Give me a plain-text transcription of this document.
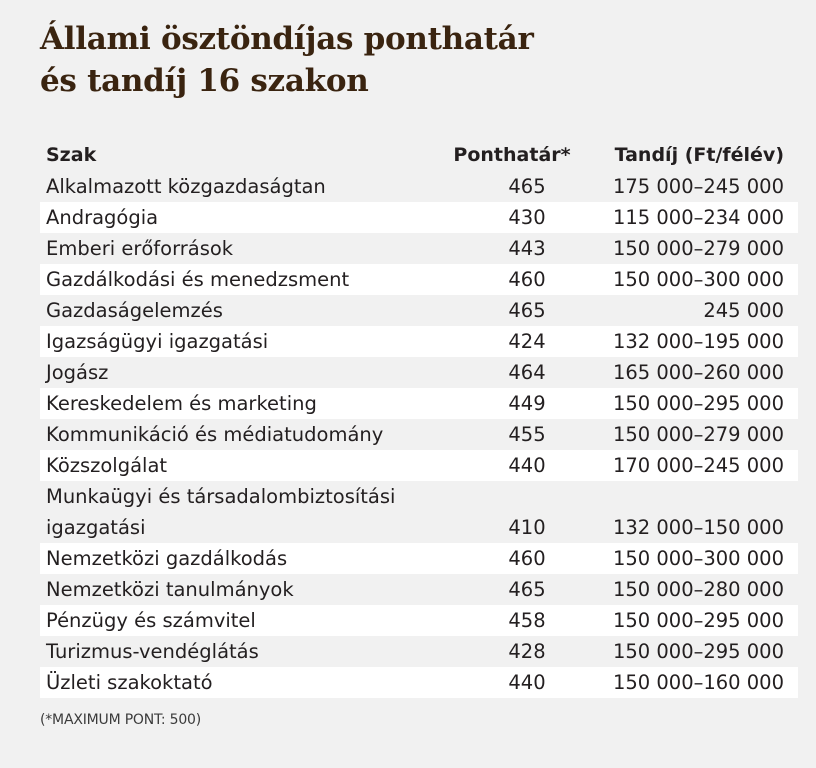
Állami ösztöndíjas ponthatár
és tandíj 16 szakon
Szak	Ponthatár*	Tandíj (Ft/félév)
Alkalmazott közgazdaságtan	465	175 000–245 000
Andragógia	430	115 000–234 000
Emberi erőforrások	443	150 000–279 000
Gazdálkodási és menedzsment	460	150 000–300 000
Gazdaságelemzés	465	245 000
Igazságügyi igazgatási	424	132 000–195 000
Jogász	464	165 000–260 000
Kereskedelem és marketing	449	150 000–295 000
Kommunikáció és médiatudomány	455	150 000–279 000
Közszolgálat	440	170 000–245 000
Munkaügyi és társadalombiztosítási igazgatási	410	132 000–150 000
Nemzetközi gazdálkodás	460	150 000–300 000
Nemzetközi tanulmányok	465	150 000–280 000
Pénzügy és számvitel	458	150 000–295 000
Turizmus-vendéglátás	428	150 000–295 000
Üzleti szakoktató	440	150 000–160 000
(*MAXIMUM PONT: 500)
